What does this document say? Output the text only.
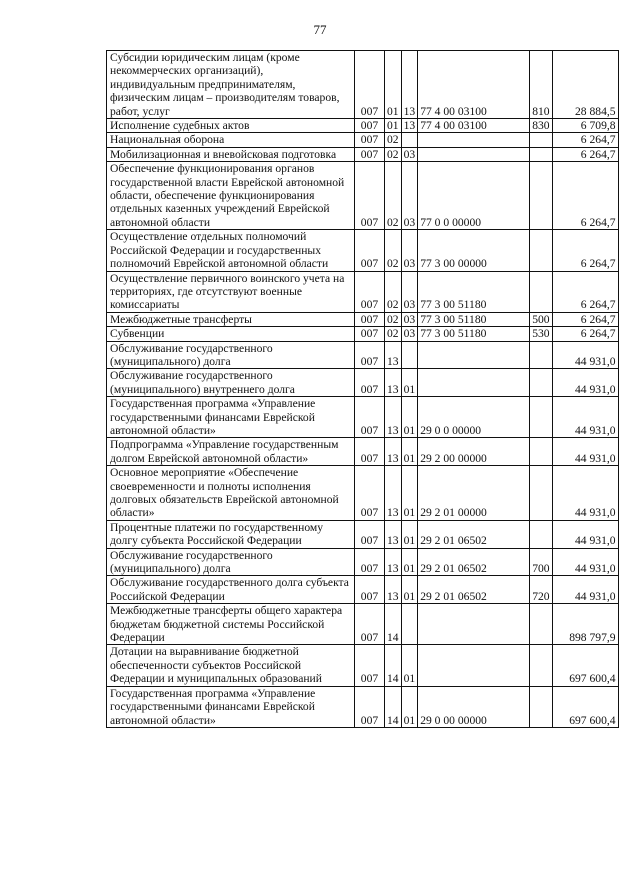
77
Субсидии юридическим лицам (кроме некоммерческих организаций), индивидуальным предпринимателям, физическим лицам – производителям товаров, работ, услуг	007	01	13	77 4 00 03100	810	28 884,5
Исполнение судебных актов	007	01	13	77 4 00 03100	830	6 709,8
Национальная оборона	007	02				6 264,7
Мобилизационная и вневойсковая подготовка	007	02	03			6 264,7
Обеспечение функционирования органов государственной власти Еврейской автономной области, обеспечение функционирования отдельных казенных учреждений Еврейской автономной области	007	02	03	77 0 0 00000		6 264,7
Осуществление отдельных полномочий Российской Федерации и государственных полномочий Еврейской автономной области	007	02	03	77 3 00 00000		6 264,7
Осуществление первичного воинского учета на территориях, где отсутствуют военные комиссариаты	007	02	03	77 3 00 51180		6 264,7
Межбюджетные трансферты	007	02	03	77 3 00 51180	500	6 264,7
Субвенции	007	02	03	77 3 00 51180	530	6 264,7
Обслуживание государственного (муниципального) долга	007	13				44 931,0
Обслуживание государственного (муниципального) внутреннего долга	007	13	01			44 931,0
Государственная программа «Управление государственными финансами Еврейской автономной области»	007	13	01	29 0 0 00000		44 931,0
Подпрограмма «Управление государственным долгом Еврейской автономной области»	007	13	01	29 2 00 00000		44 931,0
Основное мероприятие «Обеспечение своевременности и полноты исполнения долговых обязательств Еврейской автономной области»	007	13	01	29 2 01 00000		44 931,0
Процентные платежи по государственному долгу субъекта Российской Федерации	007	13	01	29 2 01 06502		44 931,0
Обслуживание государственного (муниципального) долга	007	13	01	29 2 01 06502	700	44 931,0
Обслуживание государственного долга субъекта Российской Федерации	007	13	01	29 2 01 06502	720	44 931,0
Межбюджетные трансферты общего характера бюджетам бюджетной системы Российской Федерации	007	14				898 797,9
Дотации на выравнивание бюджетной обеспеченности субъектов Российской Федерации и муниципальных образований	007	14	01			697 600,4
Государственная программа «Управление государственными финансами Еврейской автономной области»	007	14	01	29 0 00 00000		697 600,4
